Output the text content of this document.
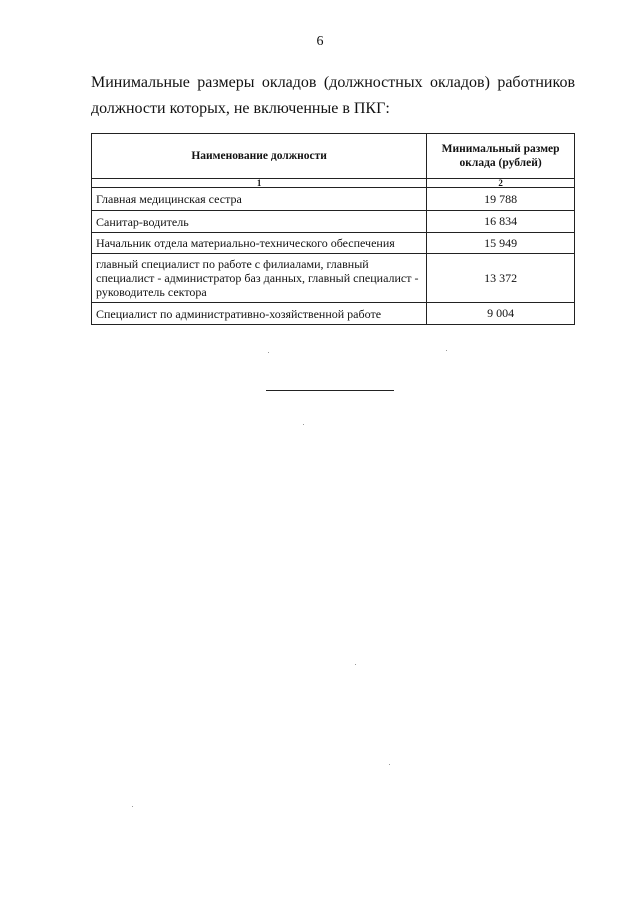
6
Минимальные размеры окладов (должностных окладов) работников
должности которых, не включенные в ПКГ:
Наименование должности	Минимальный размер оклада (рублей)
1	2
Главная медицинская сестра	19 788
Санитар-водитель	16 834
Начальник отдела материально-технического обеспечения	15 949
главный специалист по работе с филиалами, главный специалист - администратор баз данных, главный специалист - руководитель сектора	13 372
Специалист по административно-хозяйственной работе	9 004
